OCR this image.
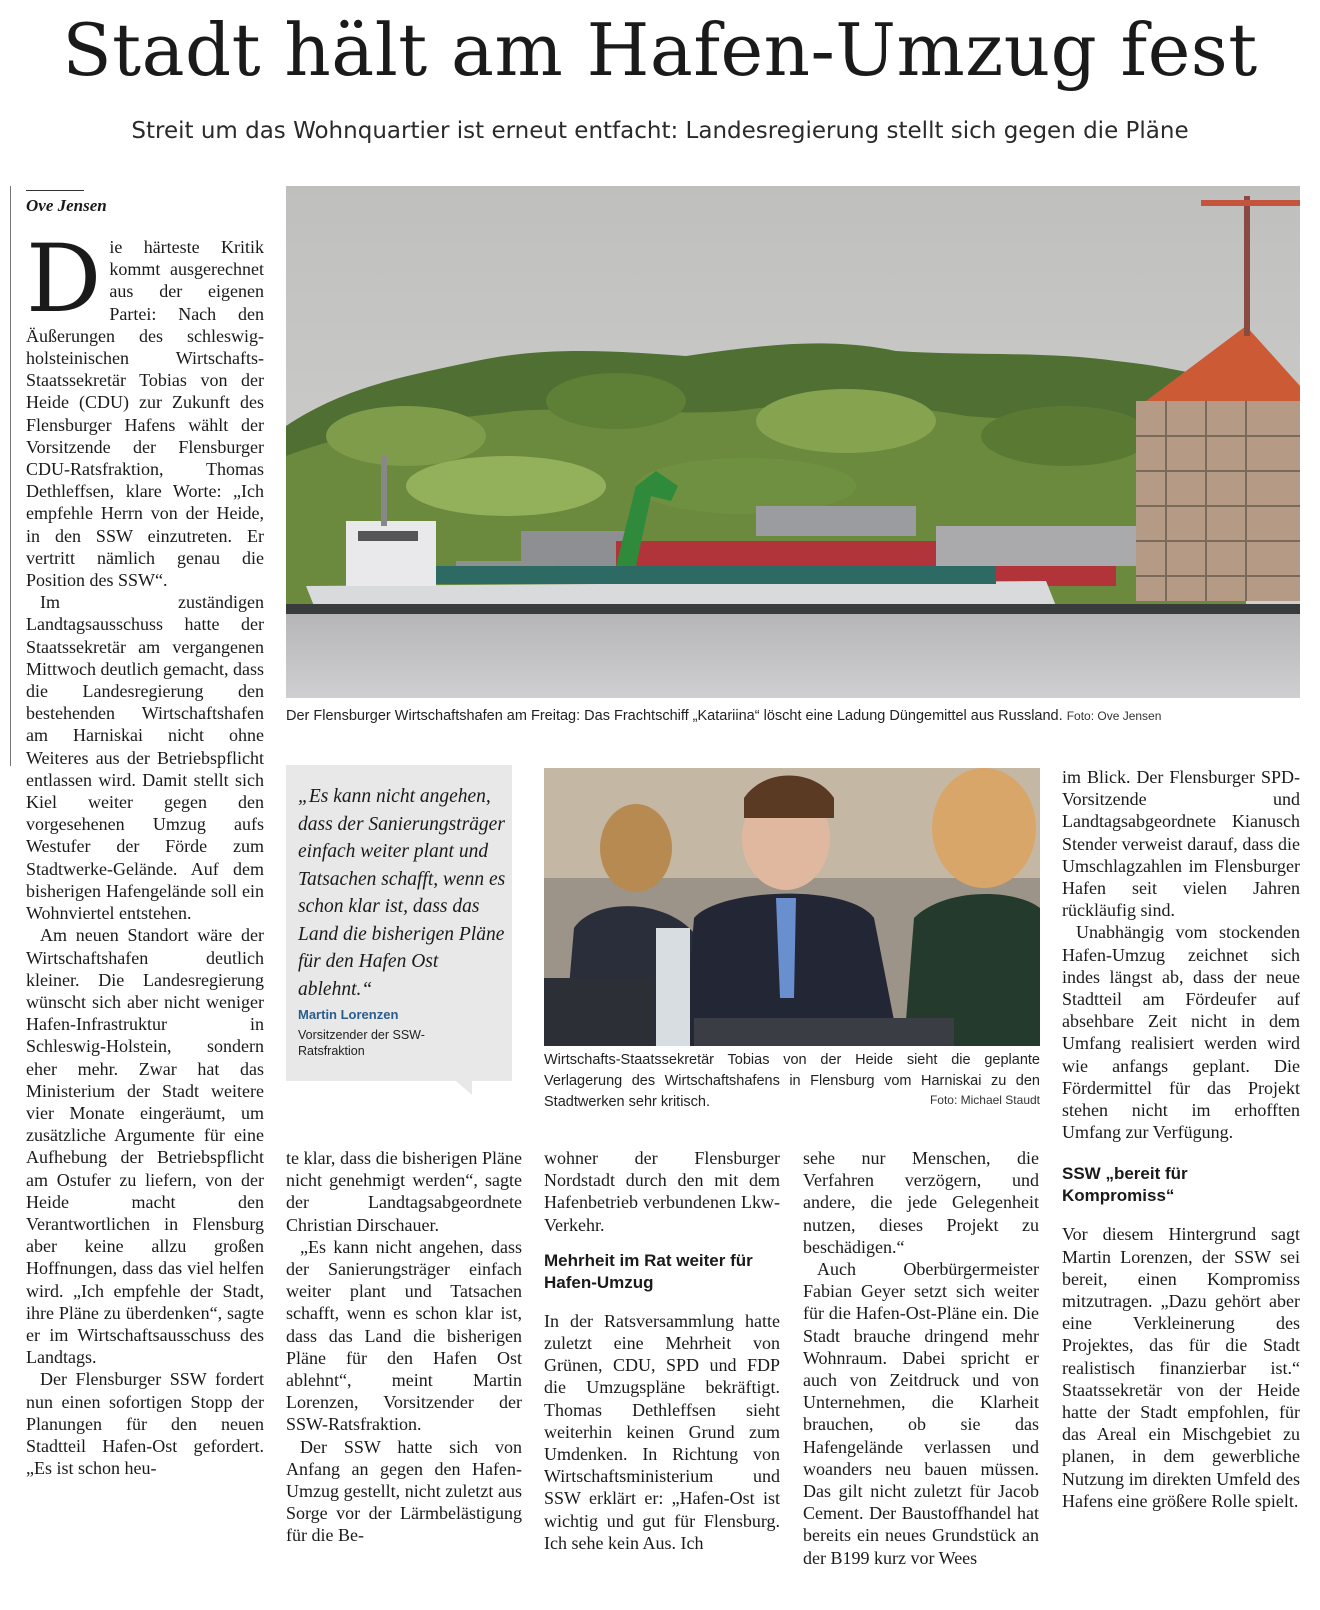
Stadt hält am Hafen-Umzug fest
Streit um das Wohnquartier ist erneut entfacht: Landesregierung stellt sich gegen die Pläne
Ove Jensen
Der Flensburger Wirtschaftshafen am Freitag: Das Frachtschiff „Katariina“ löscht eine Ladung Düngemittel aus Russland. Foto: Ove Jensen
Wirtschafts-Staatssekretär Tobias von der Heide sieht die geplante Verlagerung des Wirtschaftshafens in Flensburg vom Harniskai zu den Stadtwerken sehr kritisch.	Foto: Michael Staudt
„Es kann nicht angehen, dass der Sanierungsträger einfach weiter plant und Tatsachen schafft, wenn es schon klar ist, dass das Land die bisherigen Pläne für den Hafen Ost ablehnt.“
Martin Lorenzen
Vorsitzender der SSW-Ratsfraktion

Die härteste Kritik kommt ausgerechnet aus der eigenen Partei: Nach den Äußerungen des schleswig-holsteinischen Wirtschafts-Staatssekretär Tobias von der Heide (CDU) zur Zukunft des Flensburger Hafens wählt der Vorsitzende der Flensburger CDU-Ratsfraktion, Thomas Dethleffsen, klare Worte: „Ich empfehle Herrn von der Heide, in den SSW einzutreten. Er vertritt nämlich genau die Position des SSW“.

Im zuständigen Landtagsausschuss hatte der Staatssekretär am vergangenen Mittwoch deutlich gemacht, dass die Landesregierung den bestehenden Wirtschaftshafen am Harniskai nicht ohne Weiteres aus der Betriebspflicht entlassen wird. Damit stellt sich Kiel weiter gegen den vorgesehenen Umzug aufs Westufer der Förde zum Stadtwerke-Gelände. Auf dem bisherigen Hafengelände soll ein Wohnviertel entstehen.

Am neuen Standort wäre der Wirtschaftshafen deutlich kleiner. Die Landesregierung wünscht sich aber nicht weniger Hafen-Infrastruktur in Schleswig-Holstein, sondern eher mehr. Zwar hat das Ministerium der Stadt weitere vier Monate eingeräumt, um zusätzliche Argumente für eine Aufhebung der Betriebspflicht am Ostufer zu liefern, von der Heide macht den Verantwortlichen in Flensburg aber keine allzu großen Hoffnungen, dass das viel helfen wird. „Ich empfehle der Stadt, ihre Pläne zu überdenken“, sagte er im Wirtschaftsausschuss des Landtags.

Der Flensburger SSW fordert nun einen sofortigen Stopp der Planungen für den neuen Stadtteil Hafen-Ost gefordert. „Es ist schon heu-

te klar, dass die bisherigen Pläne nicht genehmigt werden“, sagte der Landtagsabgeordnete Christian Dirschauer.

„Es kann nicht angehen, dass der Sanierungsträger einfach weiter plant und Tatsachen schafft, wenn es schon klar ist, dass das Land die bisherigen Pläne für den Hafen Ost ablehnt“, meint Martin Lorenzen, Vorsitzender der SSW-Ratsfraktion.

Der SSW hatte sich von Anfang an gegen den Hafen-Umzug gestellt, nicht zuletzt aus Sorge vor der Lärmbelästigung für die Be-

wohner der Flensburger Nordstadt durch den mit dem Hafenbetrieb verbundenen Lkw-Verkehr.

Mehrheit im Rat weiter für Hafen-Umzug

In der Ratsversammlung hatte zuletzt eine Mehrheit von Grünen, CDU, SPD und FDP die Umzugspläne bekräftigt. Thomas Dethleffsen sieht weiterhin keinen Grund zum Umdenken. In Richtung von Wirtschaftsministerium und SSW erklärt er: „Hafen-Ost ist wichtig und gut für Flensburg. Ich sehe kein Aus. Ich

sehe nur Menschen, die Verfahren verzögern, und andere, die jede Gelegenheit nutzen, dieses Projekt zu beschädigen.“

Auch Oberbürgermeister Fabian Geyer setzt sich weiter für die Hafen-Ost-Pläne ein. Die Stadt brauche dringend mehr Wohnraum. Dabei spricht er auch von Zeitdruck und von Unternehmen, die Klarheit brauchen, ob sie das Hafengelände verlassen und woanders neu bauen müssen. Das gilt nicht zuletzt für Jacob Cement. Der Baustoffhandel hat bereits ein neues Grundstück an der B199 kurz vor Wees

im Blick. Der Flensburger SPD-Vorsitzende und Landtagsabgeordnete Kianusch Stender verweist darauf, dass die Umschlagzahlen im Flensburger Hafen seit vielen Jahren rückläufig sind.

Unabhängig vom stockenden Hafen-Umzug zeichnet sich indes längst ab, dass der neue Stadtteil am Fördeufer auf absehbare Zeit nicht in dem Umfang realisiert werden wird wie anfangs geplant. Die Fördermittel für das Projekt stehen nicht im erhofften Umfang zur Verfügung.

SSW „bereit für Kompromiss“

Vor diesem Hintergrund sagt Martin Lorenzen, der SSW sei bereit, einen Kompromiss mitzutragen. „Dazu gehört aber eine Verkleinerung des Projektes, das für die Stadt realistisch finanzierbar ist.“ Staatssekretär von der Heide hatte der Stadt empfohlen, für das Areal ein Mischgebiet zu planen, in dem gewerbliche Nutzung im direkten Umfeld des Hafens eine größere Rolle spielt.
